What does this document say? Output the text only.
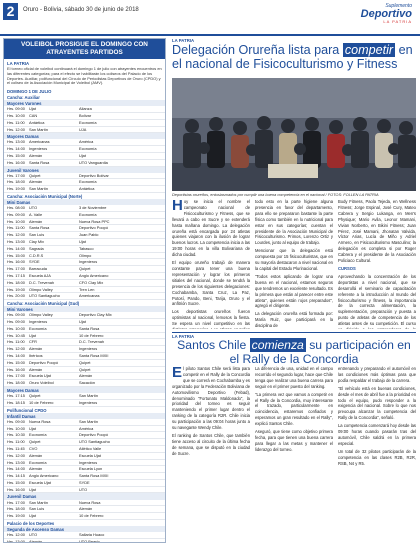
2	Oruro - Bolivia, sábado 30 de junio de 2018
Suplemento
Deportivo
LA PATRIA
VOLEIBOL PROSIGUE EL DOMINGO CON ATRAYENTES PARTIDOS
LA PATRIA
El torneo oficial de voleibol continuará el domingo 1 de julio con atrayentes encuentros en las diferentes categorías; para el efecto se habilitarán los coliseos del Palacio de los Deportes. Auxiliar, polifuncional del Círculo de Periodistas Deportivos de Oruro (CPDO) y el coliseo de la Asociación Municipal de Voleibol (AMV).
DOMINGO 1 DE JULIO
Cancha: Auxiliar
Mayores Varones
Hrs. 09:00	Ujat	Alianza
Hrs. 10:00	CAN	Bolívar
Hrs. 11:00	Antártica	Economía
Hrs. 12:00	San Martín	UJA
Mayores Damas
Hrs. 13:00	Americanas	América
Hrs. 14:00	Ingenieros	Economía
Hrs. 15:00	Alemán	Ujat
Hrs. 16:00	Santa Rosa	UTO Vanguardia
Juvenil Varones
Hrs. 17:00	Quipet	Deportivo Bolívar
Hrs. 18:00	Alemán	Economía
Hrs. 19:00	San Martín	Antártica
Cancha: Asociación Municipal (Norte)
Mini Damas
Hrs. 08:00	UTO	3 de Noviembre
Hrs. 09:00	A. Valle	Economía
Hrs. 10:00	Alemán	Nueva Rosa PPC
Hrs. 11:00	Santa Rosa	Deportivo Poopó
Hrs. 12:00	San Luis	Juan Pablo
Hrs. 13:00	Clay Mix	Ujat
Hrs. 14:00	Sagrada	Tabasco
Hrs. 15:00	C.D.R.S	Olimpo
Hrs. 16:00	SYDE	Ingenieros
Hrs. 17:00	Barracuda	Quipet
Hrs. 17:15	Escuela AJA	Anglo Americano
Hrs. 18:00	D.C. Trevenah	CFO Clay Mix
Hrs. 19:00	Olimpo Valley	Tren Len
Hrs. 20:00	UTO Santiagucho	Americanas
Cancha: Asociación Municipal (Sud)
Mini Varones
Hrs. 09:00	Olimpo Valley	Deportivo Clay Mix
Hrs. 09:00	Ingenieros	Ujat
Hrs. 10:00	Economía	Santa Rosa
Hrs. 10:45	Ujat	10 de Febrero
Hrs. 11:00	CFR	D.C. Trevenah
Hrs. 12:00	Alemán	Ingenieros
Hrs. 14:00	Ibéricos	Santa Rosa MXII
Hrs. 15:00	Deportivo Poopó	Quipet
Hrs. 16:00	Alemán	Quipet
Hrs. 17:00	Escuela Ujat	Alemán
Hrs. 18:00	Oruro Voleibol	Sacación
Mayores Damas
Hrs. 17:15	Quipet	San Martín
Hrs. 18:15	10 de Febrero	Ingenieros
Polifuncional CPDO
Infantil Damas
Hrs. 09:00	Nueva Rosa	San Martín
Hrs. 10:00	Ujat	América
Hrs. 10:30	Economía	Deportivo Poopó
Hrs. 11:00	Quipet	UTO Santiagucho
Hrs. 11:45	CVO	Atlético Valle
Hrs. 12:00	Alemán	Escuela Ujat
Hrs. 13:00	Economía	Ingenieros
Hrs. 14:00	Alemán	Escuela Lyon
Hrs. 14:15	Anglo Americano	Santa Rosa MXII
Hrs. 15:00	Escuela Ujat	SYDE
Hrs. 16:00	Ujat	UTO
Juvenil Damas
Hrs. 17:00	San Martín	Nueva Rosa
Hrs. 18:00	San Luis	Alemán
Hrs. 19:00	Ujat	10 de Febrero
Palacio de los Deportes
Segunda de Ascenso Damas
Hrs. 12:00	UTO	Sallaria Huaco
Hrs. 13:00	Alemán	UTO Beasic
LA PATRIA
Delegación Orureña lista para competir en el nacional de Fisicoculturismo y Fitness
Deportistas orureños, entusiasmados por cumplir una buena competencia en el nacional / FOTOS: FOLLEN LA PATRIA

Hoy se inicia el nombre el campeonato nacional de Fisicoculturismo y Fitness, que se llevará a cabo en Sucre y se extenderá hasta mañana domingo. La delegación orureña está encargada por 24 atletas quienes viajaron con la ilusión de lograr buenos lucros. La competencia inicia a las 19:00 horas en la villa Bolivariana de dicha ciudad.

El equipo orureño trabajó de manera constante para tener una buena representación y lograr los primeros sitiales del nacional, donde se tendrá la presencia de los siguientes delegaciones: Cochabamba, Santa Cruz, La Paz, Potosí, Pando, Beni, Tarija, Oruro y el anfitrión Sucre.

Los deportistas orureños fueron optimistas al nacional, lemosos la fiesta. Se espera un nivel competitivo en las

todo esto en la parte higiene alguna presencia en favor del departamento, para ello se prepararon bastante la parte física como también en lo nutricional para estar en sus categorías; cuentan el presidente de la Asociación Municipal de Fisicoculturismo. Primos, Lorenzo Ortiz y Lourdes, junto al equipo de trabajo.

Mencionar que la delegación está compuesta por 15 fisicoculturistas, que en su mayoría destacaron a nivel nacional en la capital del Estado Plurinacional.

"Todos estos aplicando de lograr una buena en el nacional, estamos seguros que tendremos un excelente resultado. Es la primera que están al parecer entre este atleta", quienes están rojos preparados", agregó el dirigente.

La delegación orureña está formada por: María Ruiz, que participará en la disciplina de

Body Fitness, Paola Tejeda, en Wellness Fitness; Jorge Espinal, José Cury, Mateo Cabrera y Sergio Lukanga, en Men's Physique; Mario Avila, Leonor Mamani, Vivian Norberto, en Bikini Fitness; Juan Pérez, José Mamani, Jhonatan Valvida, Víctor Arias, Lucía de Miño y Adriel Armero, en Fisicoculturismo Masculino; la delegación es completa si por Roger Cabrera y el presidente de la Asociación Policiaco Cultural.

CURSOS

Aprovechando la concentración de los deportistas a nivel nacional, que se desarrollá el seminario de capacitación referente a la introducción al mundo del fisicoculturismo y fitness, la importancia de la correcta alimentación, la suplementación, preparación y puesta a punto de atletas de competencia de los atletas antes de su competición. El curso

LA PATRIA
Santos Chile comienza su participación en el Rally de la Concordia

El piloto Santos Chile será lista para competir en el Rally de la Concordia que se correrá en Cochabamba y es organizado por la Federación Boliviana de Automovilismo Deportivo (Febad), denominado "Fortunato Maldonado", la prioridad del torneo es seguir manteniendo el primer lugar dentro el ranking de la categoría R2R. Chile inicia su participación a las 09:04 horas junto a su navegante Wendy Chile.

El ranking de Santos Chile, que también tiene acceso al circuito de la última fecha de semana, que se disputó en la ciudad de Sucre.

La diferencia de una, unidad en el campo recorrido el segundo lugar, hace que Chile tenga que realizar una buena carrera para seguir en el primer puesto del ranking.

"La primera vez que vamos a competir en el Rally de la Concordia, muy interesante el trazado, particularmente en coincidencia, estaremos confiados y esperamos un gran resultado en el Rally", explicó Santos Chile.

Aseguró, que tiene como objetivo primera fecha, para que tienen una buena carrera para llegar a las metas y mantener el liderazgo del torneo.

entrenando y preparando el automóvil en las condiciones más óptimas para que podía respaldar el trabajo de la carrera.

"El vehículo está en buenas condiciones, desde el mes de abril fue a la prioridad en todo el equipo, pudo responder a la exigencia del nacional. Sobre lo que nos preocupa alcanzar la competencia del Rally de la Concordia", señaló.

La competencia comenzará hoy desde las 09:00 horas cuando pasarán tras del automóvil, Chile saldrá en la primera especial.

Un total de 32 pilotos participarán de la competencia en las clases R2B, R2R, RSB, N4 y R5.
